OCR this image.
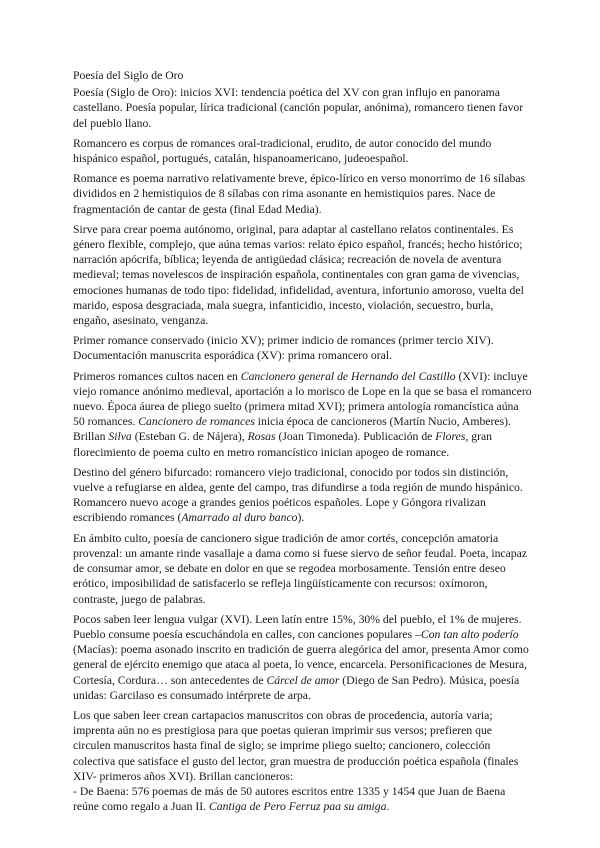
Poesía del Siglo de Oro

Poesía (Siglo de Oro): inicios XVI: tendencia poética del XV con gran influjo en panorama castellano. Poesía popular, lírica tradicional (canción popular, anónima), romancero tienen favor del pueblo llano.

Romancero es corpus de romances oral-tradicional, erudito, de autor conocido del mundo hispánico español, portugués, catalán, hispanoamericano, judeoespañol.

Romance es poema narrativo relativamente breve, épico-lírico en verso monorrimo de 16 sílabas divididos en 2 hemistiquios de 8 sílabas con rima asonante en hemistiquios pares. Nace de fragmentación de cantar de gesta (final Edad Media).

Sirve para crear poema autónomo, original, para adaptar al castellano relatos continentales. Es género flexible, complejo, que aúna temas varios: relato épico español, francés; hecho histórico; narración apócrifa, bíblica; leyenda de antigüedad clásica; recreación de novela de aventura medieval; temas novelescos de inspiración española, continentales con gran gama de vivencias, emociones humanas de todo tipo: fidelidad, infidelidad, aventura, infortunio amoroso, vuelta del marido, esposa desgraciada, mala suegra, infanticidio, incesto, violación, secuestro, burla, engaño, asesinato, venganza.

Primer romance conservado (inicio XV); primer indicio de romances (primer tercio XIV). Documentación manuscrita esporádica (XV): prima romancero oral.

Primeros romances cultos nacen en Cancionero general de Hernando del Castillo (XVI): incluye viejo romance anónimo medieval, aportación a lo morisco de Lope en la que se basa el romancero nuevo. Época áurea de pliego suelto (primera mitad XVI); primera antología romancística aúna 50 romances. Cancionero de romances inicia época de cancioneros (Martín Nucio, Amberes). Brillan Silva (Esteban G. de Nájera), Rosas (Joan Timoneda). Publicación de Flores, gran florecimiento de poema culto en metro romancístico inician apogeo de romance.

Destino del género bifurcado: romancero viejo tradicional, conocido por todos sin distinción, vuelve a refugiarse en aldea, gente del campo, tras difundirse a toda región de mundo hispánico. Romancero nuevo acoge a grandes genios poéticos españoles. Lope y Góngora rivalizan escribiendo romances (Amarrado al duro banco).

En ámbito culto, poesía de cancionero sigue tradición de amor cortés, concepción amatoria provenzal: un amante rinde vasallaje a dama como si fuese siervo de señor feudal. Poeta, incapaz de consumar amor, se debate en dolor en que se regodea morbosamente. Tensión entre deseo erótico, imposibilidad de satisfacerlo se refleja lingüísticamente con recursos: oxímoron, contraste, juego de palabras.

Pocos saben leer lengua vulgar (XVI). Leen latín entre 15%, 30% del pueblo, el 1% de mujeres. Pueblo consume poesía escuchándola en calles, con canciones populares –Con tan alto poderío (Macías): poema asonado inscrito en tradición de guerra alegórica del amor, presenta Amor como general de ejército enemigo que ataca al poeta, lo vence, encarcela. Personificaciones de Mesura, Cortesía, Cordura… son antecedentes de Cárcel de amor (Diego de San Pedro). Música, poesía unidas: Garcilaso es consumado intérprete de arpa.

Los que saben leer crean cartapacios manuscritos con obras de procedencia, autoría varia; imprenta aún no es prestigiosa para que poetas quieran imprimir sus versos; prefieren que circulen manuscritos hasta final de siglo; se imprime pliego suelto; cancionero, colección colectiva que satisface el gusto del lector, gran muestra de producción poética española (finales XIV- primeros años XVI). Brillan cancioneros:

- De Baena: 576 poemas de más de 50 autores escritos entre 1335 y 1454 que Juan de Baena reúne como regalo a Juan II. Cantiga de Pero Ferruz paa su amiga.
